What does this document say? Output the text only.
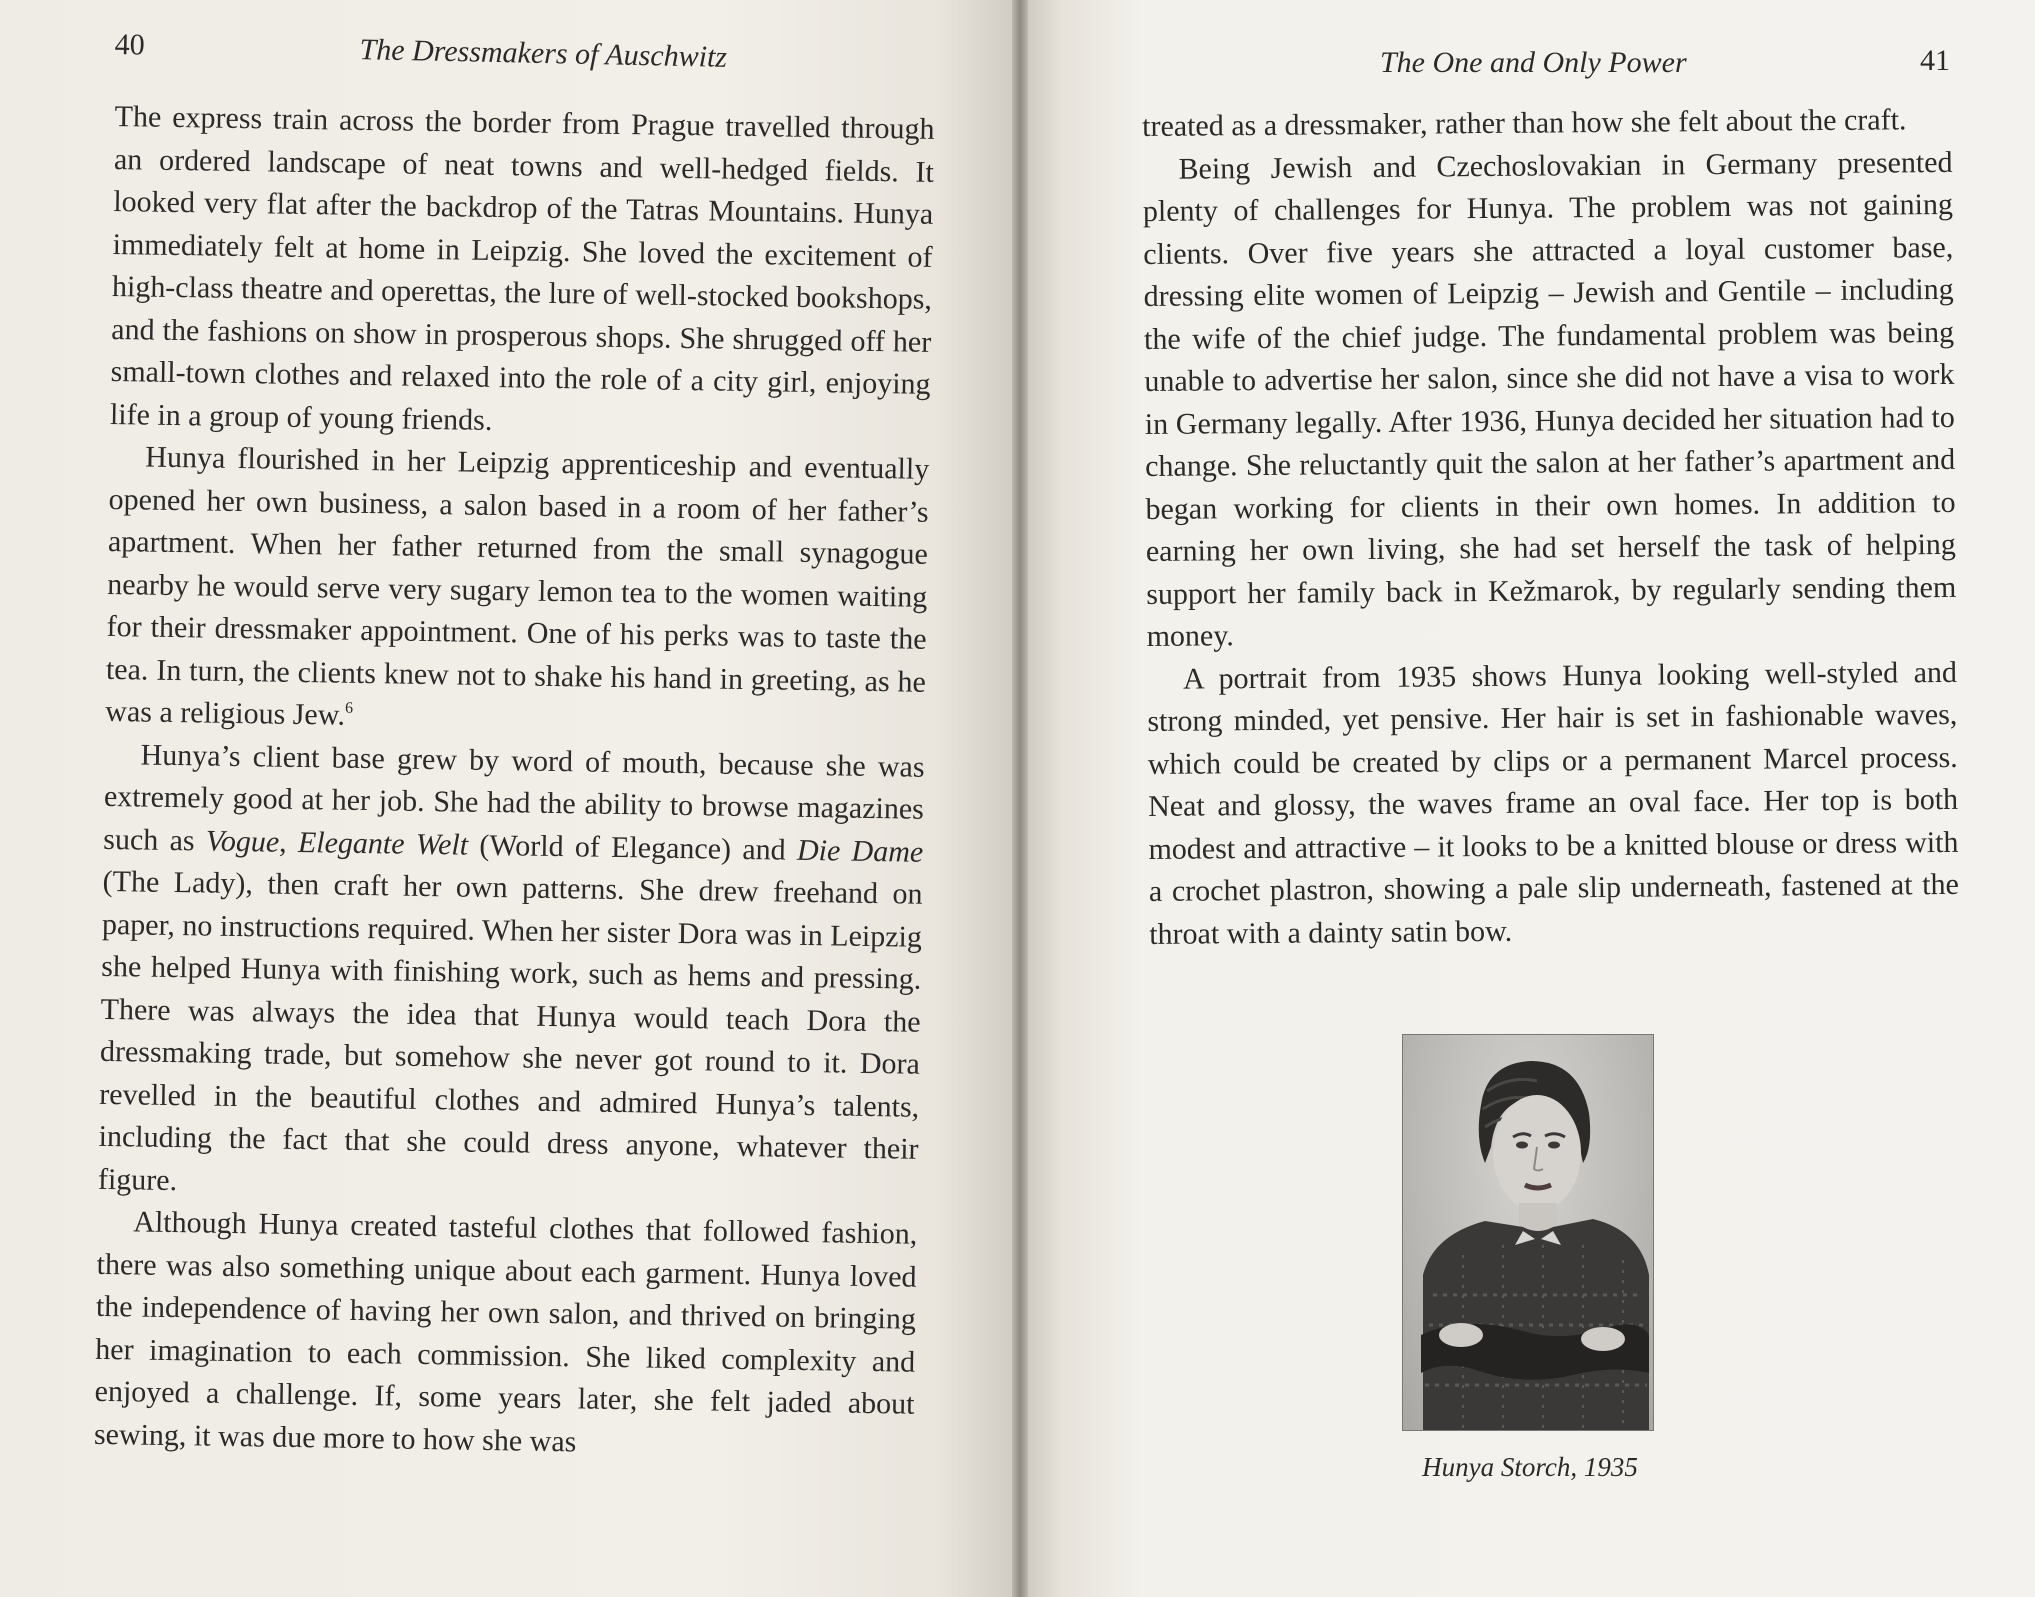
40	The Dressmakers of Auschwitz

The express train across the border from Prague travelled through an ordered landscape of neat towns and well-hedged fields. It looked very flat after the backdrop of the Tatras Mountains. Hunya immediately felt at home in Leipzig. She loved the excitement of high-class theatre and operettas, the lure of well-stocked bookshops, and the fashions on show in prosperous shops. She shrugged off her small-town clothes and relaxed into the role of a city girl, enjoying life in a group of young friends.

Hunya flourished in her Leipzig apprenticeship and eventually opened her own business, a salon based in a room of her father’s apartment. When her father returned from the small synagogue nearby he would serve very sugary lemon tea to the women waiting for their dressmaker appointment. One of his perks was to taste the tea. In turn, the clients knew not to shake his hand in greeting, as he was a religious Jew.$^6$

Hunya’s client base grew by word of mouth, because she was extremely good at her job. She had the ability to browse magazines such as Vogue, Elegante Welt (World of Elegance) and Die Dame (The Lady), then craft her own patterns. She drew freehand on paper, no instructions required. When her sister Dora was in Leipzig she helped Hunya with finishing work, such as hems and pressing. There was always the idea that Hunya would teach Dora the dressmaking trade, but somehow she never got round to it. Dora revelled in the beautiful clothes and admired Hunya’s talents, including the fact that she could dress anyone, whatever their figure.

Although Hunya created tasteful clothes that followed fashion, there was also something unique about each garment. Hunya loved the independence of having her own salon, and thrived on bringing her imagination to each commission. She liked complexity and enjoyed a challenge. If, some years later, she felt jaded about sewing, it was due more to how she was

The One and Only Power	41

treated as a dressmaker, rather than how she felt about the craft.

Being Jewish and Czechoslovakian in Germany presented plenty of challenges for Hunya. The problem was not gaining clients. Over five years she attracted a loyal customer base, dressing elite women of Leipzig – Jewish and Gentile – including the wife of the chief judge. The fundamental problem was being unable to advertise her salon, since she did not have a visa to work in Germany legally. After 1936, Hunya decided her situation had to change. She reluctantly quit the salon at her father’s apartment and began working for clients in their own homes. In addition to earning her own living, she had set herself the task of helping support her family back in Kežmarok, by regularly sending them money.

A portrait from 1935 shows Hunya looking well-styled and strong minded, yet pensive. Her hair is set in fashionable waves, which could be created by clips or a permanent Marcel process. Neat and glossy, the waves frame an oval face. Her top is both modest and attractive – it looks to be a knitted blouse or dress with a crochet plastron, showing a pale slip underneath, fastened at the throat with a dainty satin bow.

Hunya Storch, 1935
